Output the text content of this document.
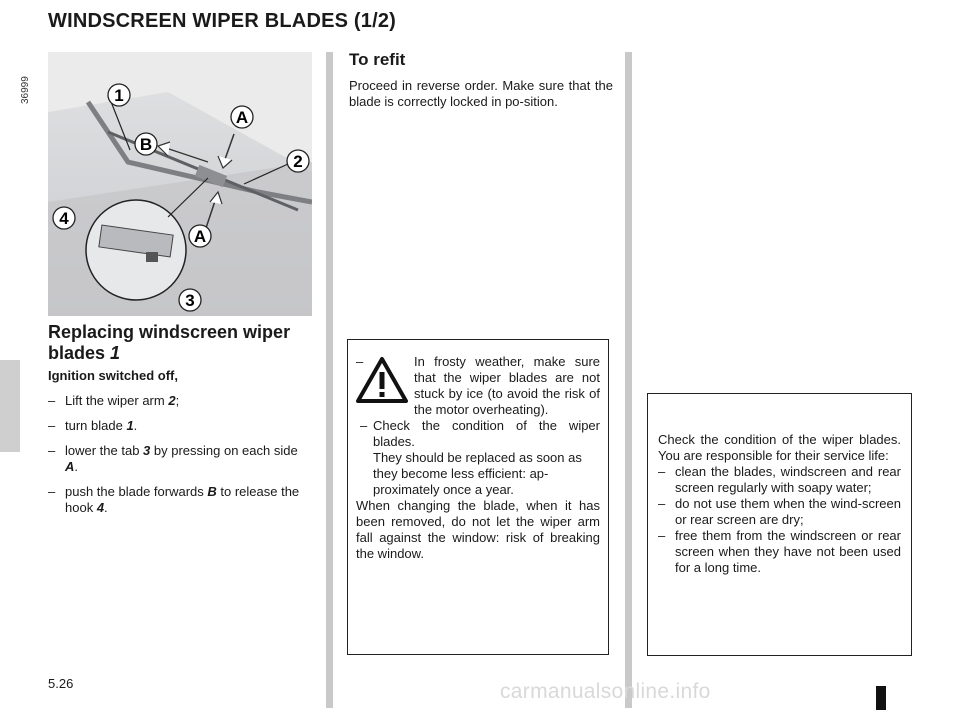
WINDSCREEN WIPER BLADES (1/2)
36999	1
A
B
2
4
A
3
Replacing windscreen wiper blades 1

Ignition switched off,

– Lift the wiper arm 2;
– turn blade 1.
– lower the tab 3 by pressing on each side A.
– push the blade forwards B to release the hook 4.
To refit

Proceed in reverse order. Make sure that the blade is correctly locked in po-sition.

– In frosty weather, make sure that the wiper blades are not stuck by ice (to avoid the risk of the motor overheating).

– Check the condition of the wiper blades.

They should be replaced as soon as they become less efficient: ap-proximately once a year.

When changing the blade, when it has been removed, do not let the wiper arm fall against the window: risk of breaking the window.

Check the condition of the wiper blades. You are responsible for their service life:

– clean the blades, windscreen and rear screen regularly with soapy water;

– do not use them when the wind-screen or rear screen are dry;

– free them from the windscreen or rear screen when they have not been used for a long time.

5.26	carmanualsonline.info
